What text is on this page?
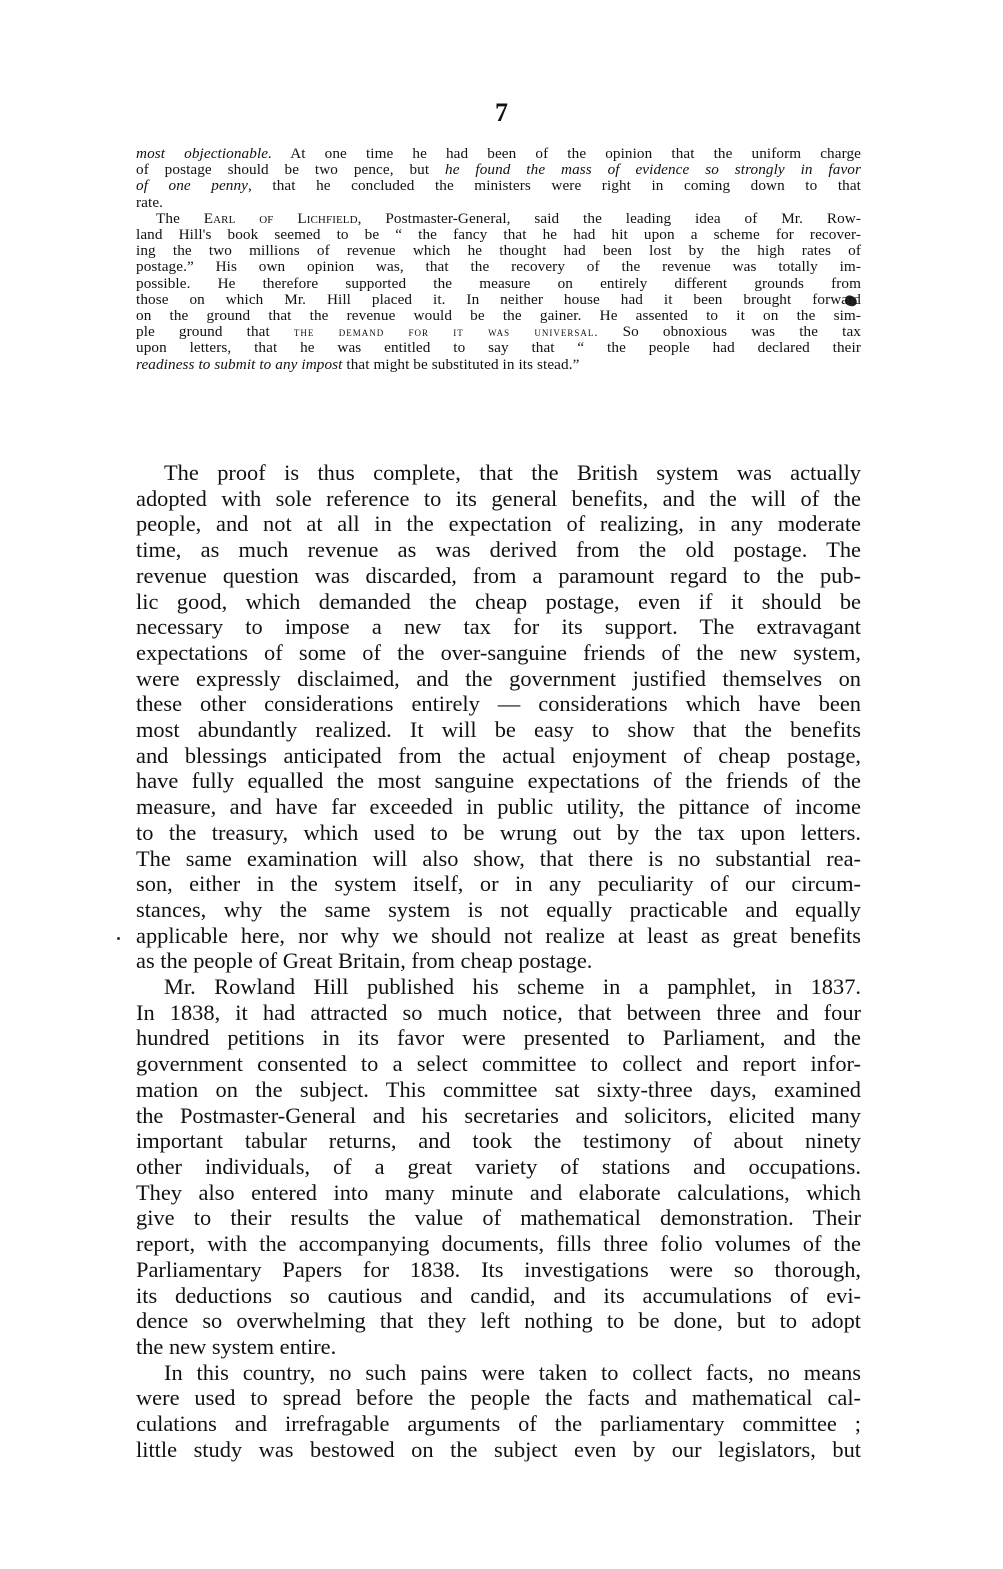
7

most objectionable. At one time he had been of the opinion that the uniform charge
of postage should be two pence, but he found the mass of evidence so strongly in favor
of one penny, that he concluded the ministers were right in coming down to that
rate.

The Earl of Lichfield, Postmaster-General, said the leading idea of Mr. Row-
land Hill's book seemed to be “ the fancy that he had hit upon a scheme for recover-
ing the two millions of revenue which he thought had been lost by the high rates of
postage.” His own opinion was, that the recovery of the revenue was totally im-
possible. He therefore supported the measure on entirely different grounds from
those on which Mr. Hill placed it. In neither house had it been brought forward
on the ground that the revenue would be the gainer. He assented to it on the sim-
ple ground that the demand for it was universal. So obnoxious was the tax
upon letters, that he was entitled to say that “ the people had declared their
readiness to submit to any impost that might be substituted in its stead.”

The proof is thus complete, that the British system was actually
adopted with sole reference to its general benefits, and the will of the
people, and not at all in the expectation of realizing, in any moderate
time, as much revenue as was derived from the old postage. The
revenue question was discarded, from a paramount regard to the pub-
lic good, which demanded the cheap postage, even if it should be
necessary to impose a new tax for its support. The extravagant
expectations of some of the over-sanguine friends of the new system,
were expressly disclaimed, and the government justified themselves on
these other considerations entirely — considerations which have been
most abundantly realized. It will be easy to show that the benefits
and blessings anticipated from the actual enjoyment of cheap postage,
have fully equalled the most sanguine expectations of the friends of the
measure, and have far exceeded in public utility, the pittance of income
to the treasury, which used to be wrung out by the tax upon letters.
The same examination will also show, that there is no substantial rea-
son, either in the system itself, or in any peculiarity of our circum-
stances, why the same system is not equally practicable and equally
applicable here, nor why we should not realize at least as great benefits
as the people of Great Britain, from cheap postage.

Mr. Rowland Hill published his scheme in a pamphlet, in 1837.
In 1838, it had attracted so much notice, that between three and four
hundred petitions in its favor were presented to Parliament, and the
government consented to a select committee to collect and report infor-
mation on the subject. This committee sat sixty-three days, examined
the Postmaster-General and his secretaries and solicitors, elicited many
important tabular returns, and took the testimony of about ninety
other individuals, of a great variety of stations and occupations.
They also entered into many minute and elaborate calculations, which
give to their results the value of mathematical demonstration. Their
report, with the accompanying documents, fills three folio volumes of the
Parliamentary Papers for 1838. Its investigations were so thorough,
its deductions so cautious and candid, and its accumulations of evi-
dence so overwhelming that they left nothing to be done, but to adopt
the new system entire.

In this country, no such pains were taken to collect facts, no means
were used to spread before the people the facts and mathematical cal-
culations and irrefragable arguments of the parliamentary committee ;
little study was bestowed on the subject even by our legislators, but
